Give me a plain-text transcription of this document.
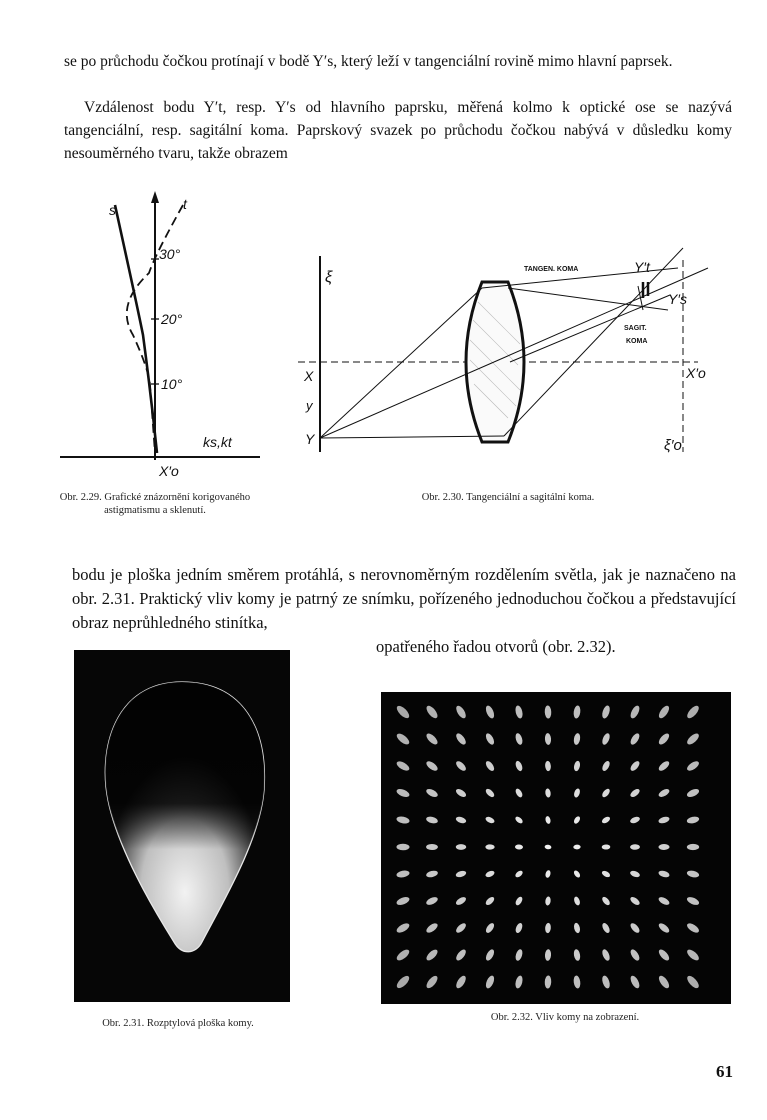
se po průchodu čočkou protínají v bodě Y′s, který leží v tangenciální rovině mimo hlavní paprsek.

Vzdálenost bodu Y′t, resp. Y′s od hlavního paprsku, měřená kolmo k optické ose se nazývá tangenciální, resp. sagitální koma. Paprskový svazek po průchodu čočkou nabývá v důsledku komy nesouměrného tvaru, takže obrazem

s	t
30°
20°
10°
ks,kt
X′o
ξ
X
y
Y
TANGEN. KOMA
SAGIT.
KOMA
Y′t
Y′s
X′o
ξ′o
Obr. 2.29. Grafické znázornění korigovaného astigmatismu a sklenutí.
Obr. 2.30. Tangenciální a sagitální koma.

bodu je ploška jedním směrem protáhlá, s nerovnoměrným rozdělením světla, jak je naznačeno na obr. 2.31. Praktický vliv komy je patrný ze snímku, pořízeného jednoduchou čočkou a představující obraz neprůhledného stinítka,

opatřeného řadou otvorů (obr. 2.32).
Obr. 2.31. Rozptylová ploška komy.
Obr. 2.32. Vliv komy na zobrazení.
61
